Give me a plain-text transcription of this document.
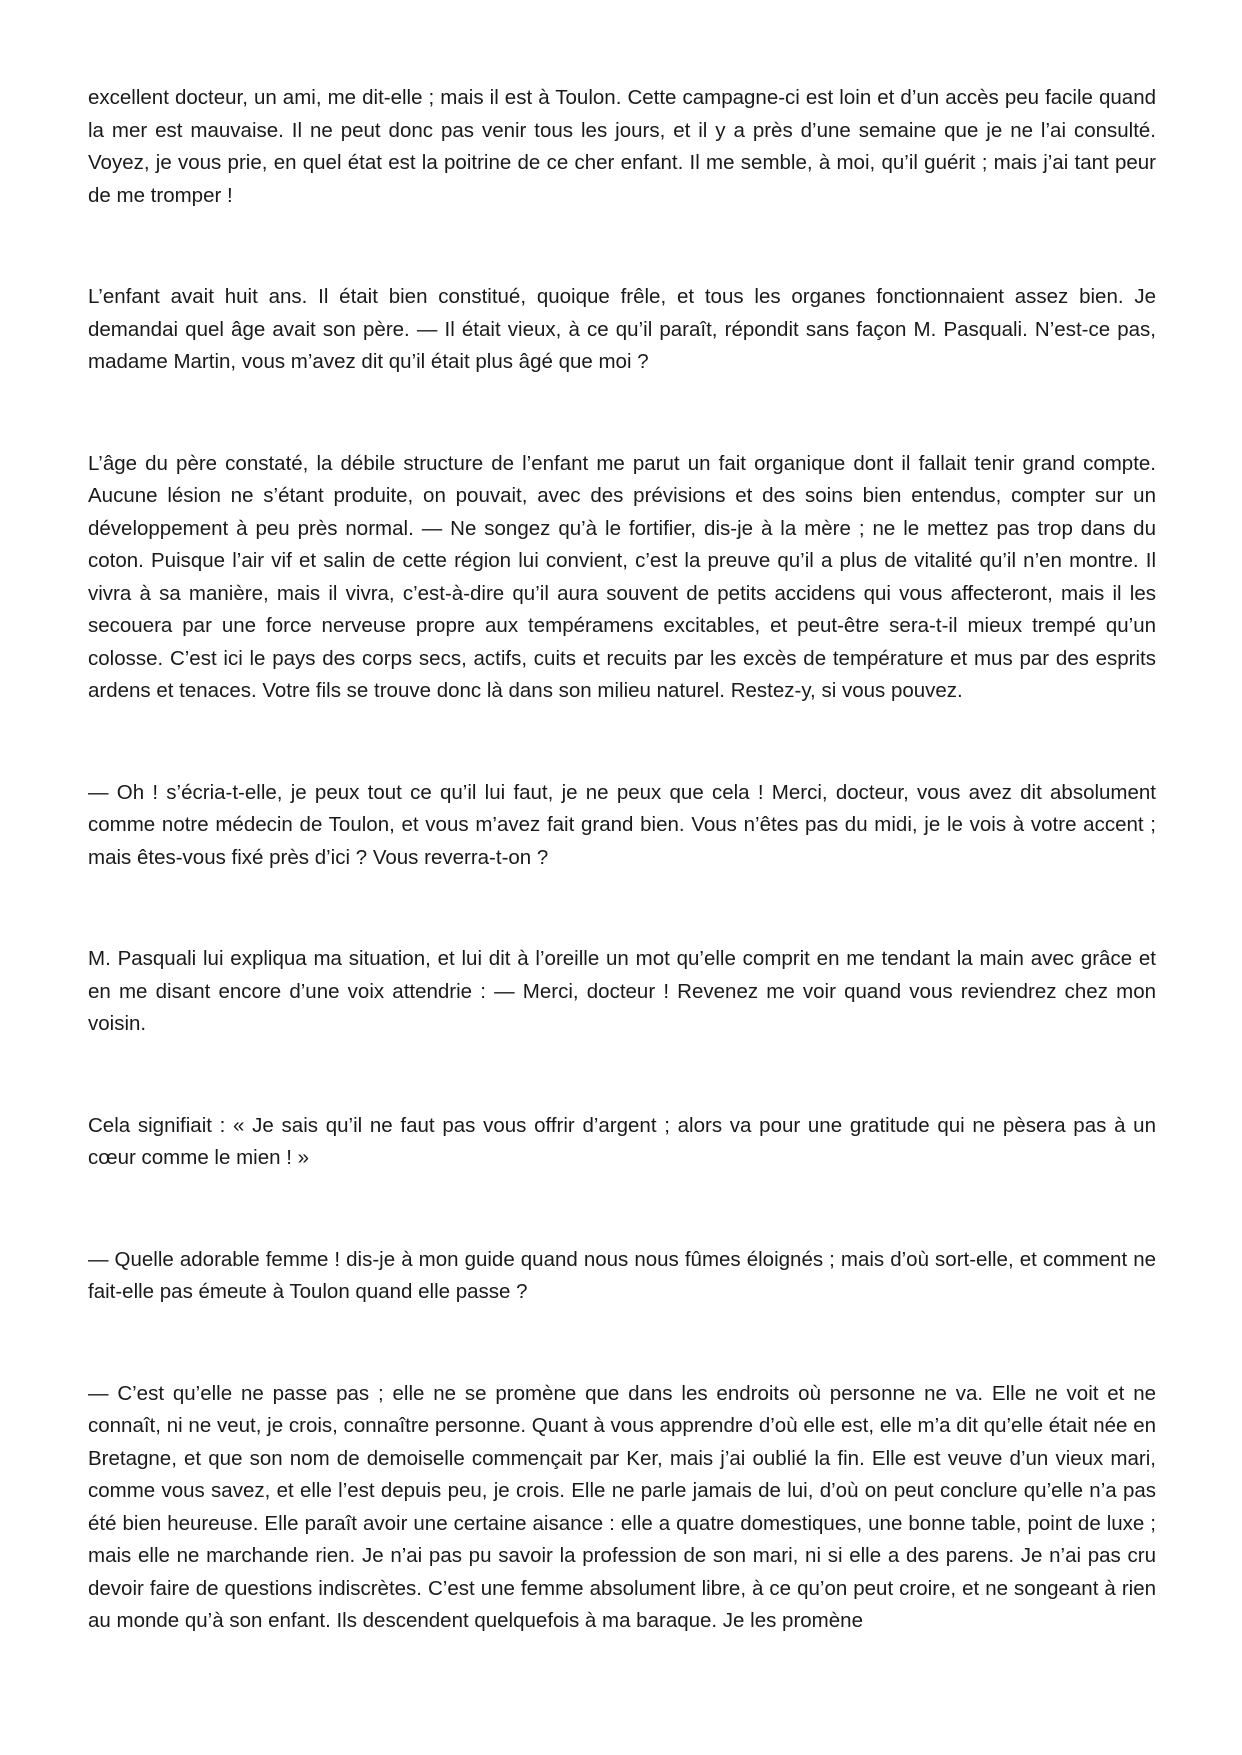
excellent docteur, un ami, me dit-elle ; mais il est à Toulon. Cette campagne-ci est loin et d’un accès peu facile quand la mer est mauvaise. Il ne peut donc pas venir tous les jours, et il y a près d’une semaine que je ne l’ai consulté. Voyez, je vous prie, en quel état est la poitrine de ce cher enfant. Il me semble, à moi, qu’il guérit ; mais j’ai tant peur de me tromper !

L’enfant avait huit ans. Il était bien constitué, quoique frêle, et tous les organes fonctionnaient assez bien. Je demandai quel âge avait son père. — Il était vieux, à ce qu’il paraît, répondit sans façon M. Pasquali. N’est-ce pas, madame Martin, vous m’avez dit qu’il était plus âgé que moi ?

L’âge du père constaté, la débile structure de l’enfant me parut un fait organique dont il fallait tenir grand compte. Aucune lésion ne s’étant produite, on pouvait, avec des prévisions et des soins bien entendus, compter sur un développement à peu près normal. — Ne songez qu’à le fortifier, dis-je à la mère ; ne le mettez pas trop dans du coton. Puisque l’air vif et salin de cette région lui convient, c’est la preuve qu’il a plus de vitalité qu’il n’en montre. Il vivra à sa manière, mais il vivra, c’est-à-dire qu’il aura souvent de petits accidens qui vous affecteront, mais il les secouera par une force nerveuse propre aux tempéramens excitables, et peut-être sera-t-il mieux trempé qu’un colosse. C’est ici le pays des corps secs, actifs, cuits et recuits par les excès de température et mus par des esprits ardens et tenaces. Votre fils se trouve donc là dans son milieu naturel. Restez-y, si vous pouvez.

— Oh ! s’écria-t-elle, je peux tout ce qu’il lui faut, je ne peux que cela ! Merci, docteur, vous avez dit absolument comme notre médecin de Toulon, et vous m’avez fait grand bien. Vous n’êtes pas du midi, je le vois à votre accent ; mais êtes-vous fixé près d’ici ? Vous reverra-t-on ?

M. Pasquali lui expliqua ma situation, et lui dit à l’oreille un mot qu’elle comprit en me tendant la main avec grâce et en me disant encore d’une voix attendrie : — Merci, docteur ! Revenez me voir quand vous reviendrez chez mon voisin.

Cela signifiait : « Je sais qu’il ne faut pas vous offrir d’argent ; alors va pour une gratitude qui ne pèsera pas à un cœur comme le mien ! »

— Quelle adorable femme ! dis-je à mon guide quand nous nous fûmes éloignés ; mais d’où sort-elle, et comment ne fait-elle pas émeute à Toulon quand elle passe ?

— C’est qu’elle ne passe pas ; elle ne se promène que dans les endroits où personne ne va. Elle ne voit et ne connaît, ni ne veut, je crois, connaître personne. Quant à vous apprendre d’où elle est, elle m’a dit qu’elle était née en Bretagne, et que son nom de demoiselle commençait par Ker, mais j’ai oublié la fin. Elle est veuve d’un vieux mari, comme vous savez, et elle l’est depuis peu, je crois. Elle ne parle jamais de lui, d’où on peut conclure qu’elle n’a pas été bien heureuse. Elle paraît avoir une certaine aisance : elle a quatre domestiques, une bonne table, point de luxe ; mais elle ne marchande rien. Je n’ai pas pu savoir la profession de son mari, ni si elle a des parens. Je n’ai pas cru devoir faire de questions indiscrètes. C’est une femme absolument libre, à ce qu’on peut croire, et ne songeant à rien au monde qu’à son enfant. Ils descendent quelquefois à ma baraque. Je les promène
